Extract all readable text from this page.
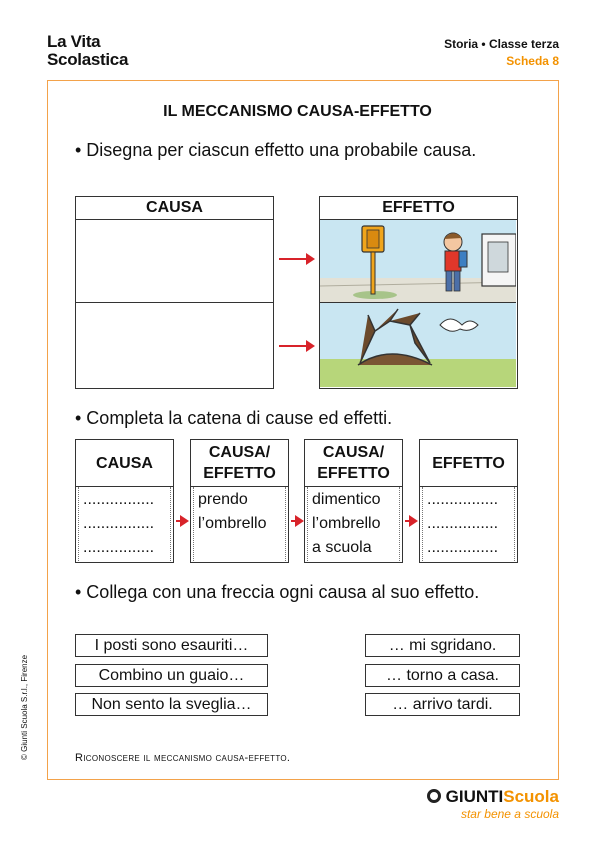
La Vita
Scolastica
Storia • Classe terza
Scheda 8
IL MECCANISMO CAUSA-EFFETTO
• Disegna per ciascun effetto una probabile causa.
CAUSA	EFFETTO
• Completa la catena di cause ed effetti.
CAUSA
................
................
................
CAUSA/ EFFETTO
prendo
l’ombrello
CAUSA/ EFFETTO
dimentico
l’ombrello
a scuola
EFFETTO
................
................
................
• Collega con una freccia ogni causa al suo effetto.
I posti sono esauriti…
Combino un guaio…
Non sento la sveglia…
… mi sgridano.
… torno a casa.
… arrivo tardi.
Riconoscere il meccanismo causa-effetto.
© Giunti Scuola S.r.l., Firenze
GIUNTIScuola
star bene a scuola
